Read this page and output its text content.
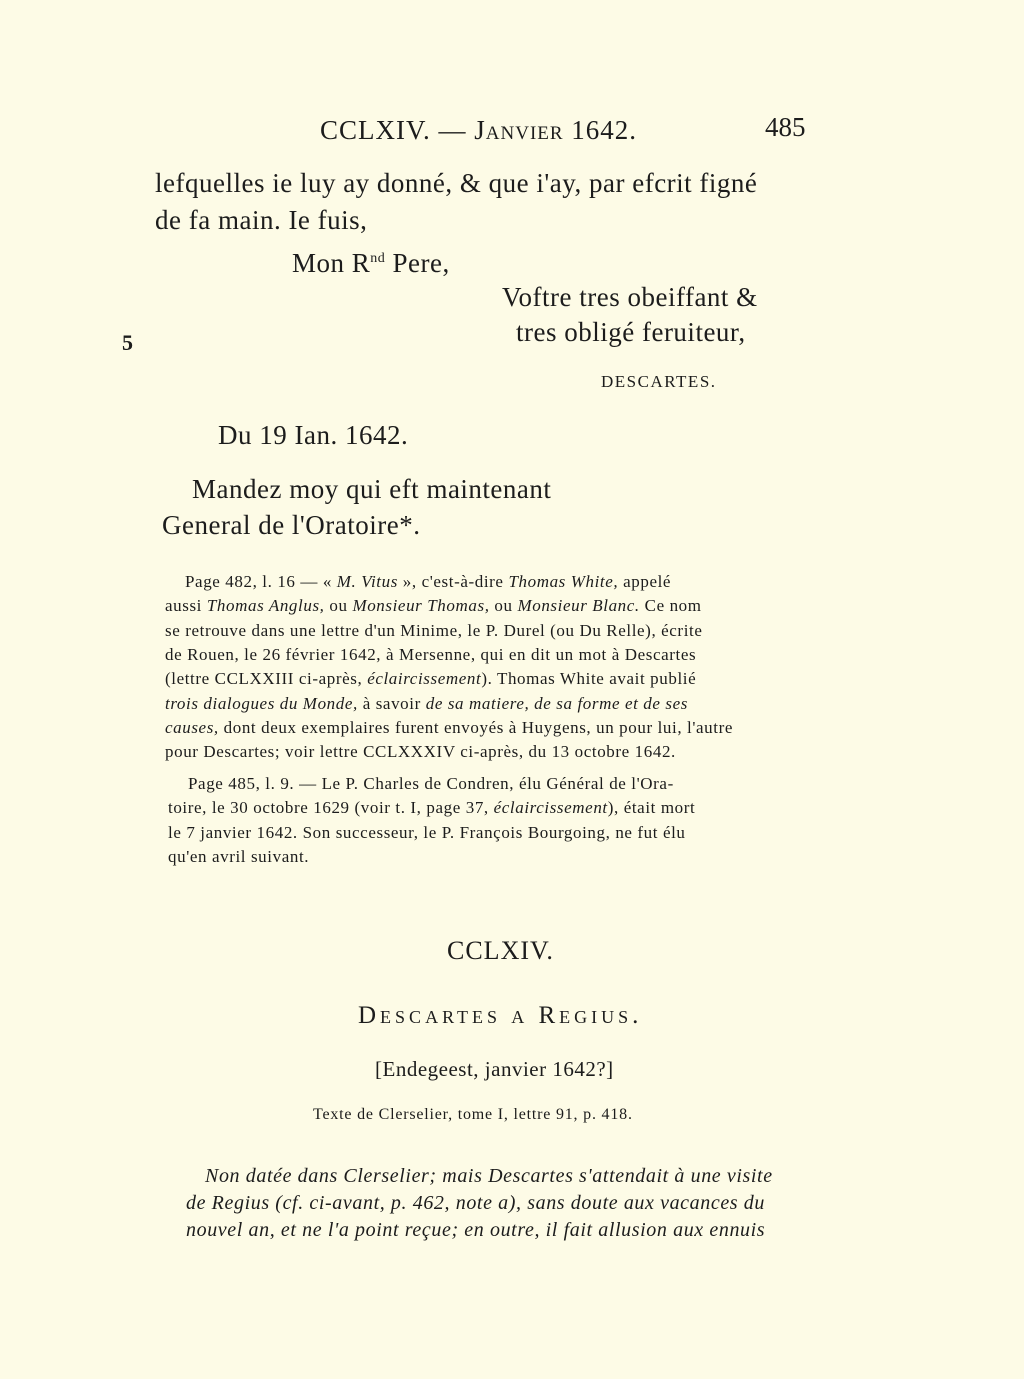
CCLXIV. — Janvier 1642.	485
lefquelles ie luy ay donné, & que i'ay, par efcrit figné
de fa main. Ie fuis,
Mon $R^{nd}$ Pere,
Voftre tres obeiffant &
tres obligé feruiteur,
5
DESCARTES.
Du 19 Ian. 1642.
Mandez moy qui eft maintenant
General de l'Oratoire*.
Page 482, l. 16 — « M. Vitus », c'est-à-dire Thomas White, appelé
aussi Thomas Anglus, ou Monsieur Thomas, ou Monsieur Blanc. Ce nom
se retrouve dans une lettre d'un Minime, le P. Durel (ou Du Relle), écrite
de Rouen, le 26 février 1642, à Mersenne, qui en dit un mot à Descartes
(lettre CCLXXIII ci-après, éclaircissement). Thomas White avait publié
trois dialogues du Monde, à savoir de sa matiere, de sa forme et de ses
causes, dont deux exemplaires furent envoyés à Huygens, un pour lui, l'autre
pour Descartes; voir lettre CCLXXXIV ci-après, du 13 octobre 1642.
Page 485, l. 9. — Le P. Charles de Condren, élu Général de l'Ora-
toire, le 30 octobre 1629 (voir t. I, page 37, éclaircissement), était mort
le 7 janvier 1642. Son successeur, le P. François Bourgoing, ne fut élu
qu'en avril suivant.
CCLXIV.
Descartes a Regius.
[Endegeest, janvier 1642?]
Texte de Clerselier, tome I, lettre 91, p. 418.
Non datée dans Clerselier; mais Descartes s'attendait à une visite
de Regius (cf. ci-avant, p. 462, note a), sans doute aux vacances du
nouvel an, et ne l'a point reçue; en outre, il fait allusion aux ennuis
